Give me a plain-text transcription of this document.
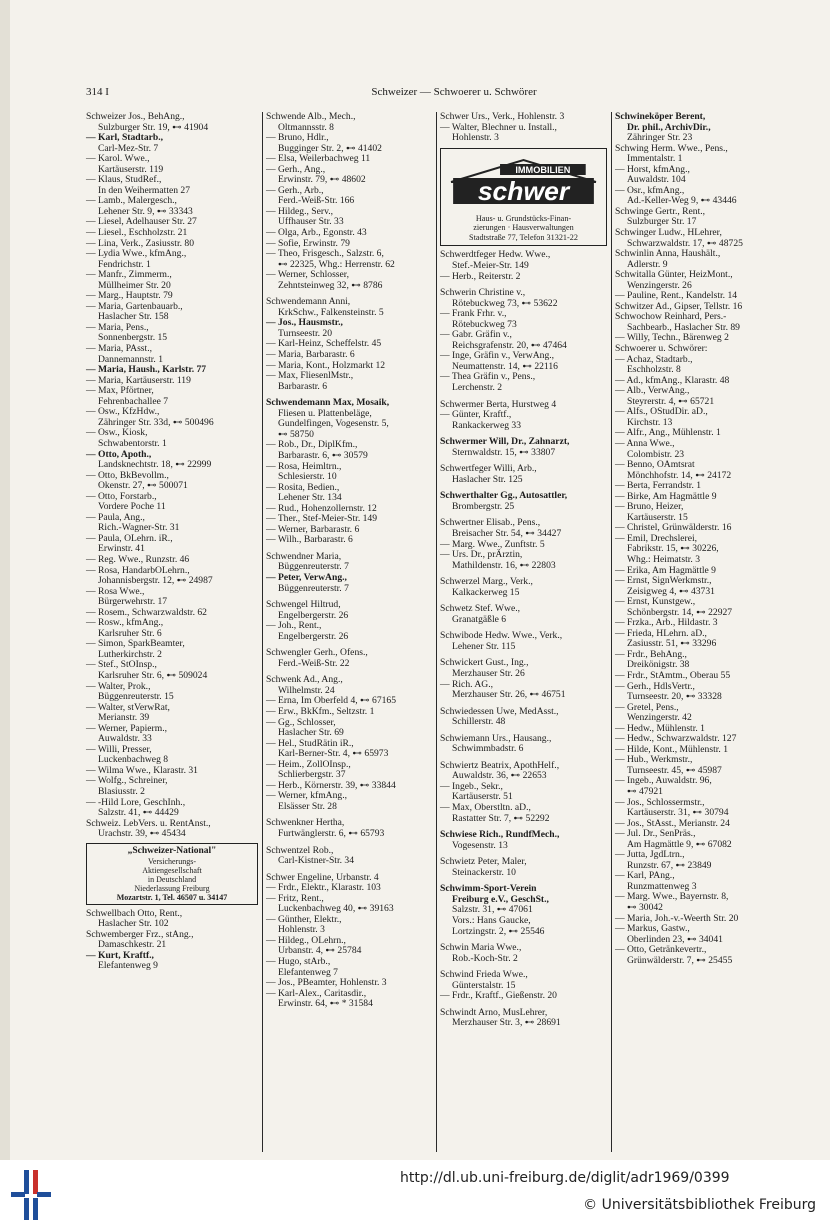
314 I	Schweizer — Schwoerer u. Schwörer
Schweizer Jos., BehAng.,
Sulzburger Str. 19, ⊷ 41904
— Karl, Stadtarb.,
Carl-Mez-Str. 7
— Karol. Wwe.,
Kartäuserstr. 119
— Klaus, StudRef.,
In den Weihermatten 27
— Lamb., Malergesch.,
Lehener Str. 9, ⊷ 33343
— Liesel, Adelhauser Str. 27
— Liesel., Eschholzstr. 21
— Lina, Verk., Zasiusstr. 80
— Lydia Wwe., kfmAng.,
Fendrichstr. 1
— Manfr., Zimmerm.,
Müllheimer Str. 20
— Marg., Hauptstr. 79
— Maria, Gartenbauarb.,
Haslacher Str. 158
— Maria, Pens.,
Sonnenbergstr. 15
— Maria, PAsst.,
Dannemannstr. 1
— Maria, Haush., Karlstr. 77
— Maria, Kartäuserstr. 119
— Max, Pförtner,
Fehrenbachallee 7
— Osw., KfzHdw.,
Zähringer Str. 33d, ⊷ 500496
— Osw., Kiosk,
Schwabentorstr. 1
— Otto, Apoth.,
Landsknechtstr. 18, ⊷ 22999
— Otto, BkBevollm.,
Okenstr. 27, ⊷ 500071
— Otto, Forstarb.,
Vordere Poche 11
— Paula, Ang.,
Rich.-Wagner-Str. 31
— Paula, OLehrn. iR.,
Erwinstr. 41
— Reg. Wwe., Runzstr. 46
— Rosa, HandarbOLehrn.,
Johannisbergstr. 12, ⊷ 24987
— Rosa Wwe.,
Bürgerwehrstr. 17
— Rosem., Schwarzwaldstr. 62
— Rosw., kfmAng.,
Karlsruher Str. 6
— Simon, SparkBeamter,
Lutherkirchstr. 2
— Stef., StOInsp.,
Karlsruher Str. 6, ⊷ 509024
— Walter, Prok.,
Büggenreuterstr. 15
— Walter, stVerwRat,
Merianstr. 39
— Werner, Papierm.,
Auwaldstr. 33
— Willi, Presser,
Luckenbachweg 8
— Wilma Wwe., Klarastr. 31
— Wolfg., Schreiner,
Blasiusstr. 2
— -Hild Lore, GeschInh.,
Salzstr. 41, ⊷ 44429
Schweiz. LebVers. u. RentAnst.,
Urachstr. 39, ⊷ 45434
„Schweizer-National"
Versicherungs-
Aktiengesellschaft
in Deutschland
Niederlassung Freiburg
Mozartstr. 1, Tel. 46507 u. 34147
Schwellbach Otto, Rent.,
Haslacher Str. 102
Schwemberger Frz., stAng.,
Damaschkestr. 21
— Kurt, Kraftf.,
Elefantenweg 9
Schwende Alb., Mech.,
Oltmannsstr. 8
— Bruno, Hdlr.,
Bugginger Str. 2, ⊷ 41402
— Elsa, Weilerbachweg 11
— Gerh., Ang.,
Erwinstr. 79, ⊷ 48602
— Gerh., Arb.,
Ferd.-Weiß-Str. 166
— Hildeg., Serv.,
Uffhauser Str. 33
— Olga, Arb., Egonstr. 43
— Sofie, Erwinstr. 79
— Theo, Frisgesch., Salzstr. 6,
⊷ 22325, Whg.: Herrenstr. 62
— Werner, Schlosser,
Zehntsteinweg 32, ⊷ 8786
Schwendemann Anni,
KrkSchw., Falkensteinstr. 5
— Jos., Hausmstr.,
Turnseestr. 20
— Karl-Heinz, Scheffelstr. 45
— Maria, Barbarastr. 6
— Maria, Kont., Holzmarkt 12
— Max, FliesenlMstr.,
Barbarastr. 6
Schwendemann Max, Mosaik,
Fliesen u. Plattenbeläge,
Gundelfingen, Vogesenstr. 5,
⊷ 58750
— Rob., Dr., DiplKfm.,
Barbarastr. 6, ⊷ 30579
— Rosa, Heimltrn.,
Schlesierstr. 10
— Rosita, Bedien.,
Lehener Str. 134
— Rud., Hohenzollernstr. 12
— Ther., Stef-Meier-Str. 149
— Werner, Barbarastr. 6
— Wilh., Barbarastr. 6
Schwendner Maria,
Büggenreuterstr. 7
— Peter, VerwAng.,
Büggenreuterstr. 7
Schwengel Hiltrud,
Engelbergerstr. 26
— Joh., Rent.,
Engelbergerstr. 26
Schwengler Gerh., Ofens.,
Ferd.-Weiß-Str. 22
Schwenk Ad., Ang.,
Wilhelmstr. 24
— Erna, Im Oberfeld 4, ⊷ 67165
— Erw., BkKfm., Seltzstr. 1
— Gg., Schlosser,
Haslacher Str. 69
— Hel., StudRätin iR.,
Karl-Berner-Str. 4, ⊷ 65973
— Heim., ZollOInsp.,
Schlierbergstr. 37
— Herb., Körnerstr. 39, ⊷ 33844
— Werner, kfmAng.,
Elsässer Str. 28
Schwenkner Hertha,
Furtwänglerstr. 6, ⊷ 65793
Schwentzel Rob.,
Carl-Kistner-Str. 34
Schwer Engeline, Urbanstr. 4
— Frdr., Elektr., Klarastr. 103
— Fritz, Rent.,
Luckenbachweg 40, ⊷ 39163
— Günther, Elektr.,
Hohlenstr. 3
— Hildeg., OLehrn.,
Urbanstr. 4, ⊷ 25784
— Hugo, stArb.,
Elefantenweg 7
— Jos., PBeamter, Hohlenstr. 3
— Karl-Alex., Caritasdir.,
Erwinstr. 64, ⊷ * 31584
Schwer Urs., Verk., Hohlenstr. 3
— Walter, Blechner u. Install.,
Hohlenstr. 3
IMMOBILIEN
schwer
Haus- u. Grundstücks-Finan-
zierungen · Hausverwaltungen
Stadtstraße 77, Telefon 31321-22
Schwerdtfeger Hedw. Wwe.,
Stef.-Meier-Str. 149
— Herb., Reiterstr. 2
Schwerin Christine v.,
Rötebuckweg 73, ⊷ 53622
— Frank Frhr. v.,
Rötebuckweg 73
— Gabr. Gräfin v.,
Reichsgrafenstr. 20, ⊷ 47464
— Inge, Gräfin v., VerwAng.,
Neumattenstr. 14, ⊷ 22116
— Thea Gräfin v., Pens.,
Lerchenstr. 2
Schwermer Berta, Hurstweg 4
— Günter, Kraftf.,
Rankackerweg 33
Schwermer Will, Dr., Zahnarzt,
Sternwaldstr. 15, ⊷ 33807
Schwertfeger Willi, Arb.,
Haslacher Str. 125
Schwerthalter Gg., Autosattler,
Brombergstr. 25
Schwertner Elisab., Pens.,
Breisacher Str. 54, ⊷ 34427
— Marg. Wwe., Zunftstr. 5
— Urs. Dr., prÄrztin,
Mathildenstr. 16, ⊷ 22803
Schwerzel Marg., Verk.,
Kalkackerweg 15
Schwetz Stef. Wwe.,
Granatgäßle 6
Schwibode Hedw. Wwe., Verk.,
Lehener Str. 115
Schwickert Gust., Ing.,
Merzhauser Str. 26
— Rich. AG.,
Merzhauser Str. 26, ⊷ 46751
Schwiedessen Uwe, MedAsst.,
Schillerstr. 48
Schwiemann Urs., Hausang.,
Schwimmbadstr. 6
Schwiertz Beatrix, ApothHelf.,
Auwaldstr. 36, ⊷ 22653
— Ingeb., Sekr.,
Kartäuserstr. 51
— Max, Oberstltn. aD.,
Rastatter Str. 7, ⊷ 52292
Schwiese Rich., RundfMech.,
Vogesenstr. 13
Schwietz Peter, Maler,
Steinackerstr. 10
Schwimm-Sport-Verein
Freiburg e.V., GeschSt.,
Salzstr. 31, ⊷ 47061
Vors.: Hans Gaucke,
Lortzingstr. 2, ⊷ 25546
Schwin Maria Wwe.,
Rob.-Koch-Str. 2
Schwind Frieda Wwe.,
Günterstalstr. 15
— Frdr., Kraftf., Gießenstr. 20
Schwindt Arno, MusLehrer,
Merzhauser Str. 3, ⊷ 28691
Schwineköper Berent,
Dr. phil., ArchivDir.,
Zähringer Str. 23
Schwing Herm. Wwe., Pens.,
Immentalstr. 1
— Horst, kfmAng.,
Auwaldstr. 104
— Osr., kfmAng.,
Ad.-Keller-Weg 9, ⊷ 43446
Schwinge Gertr., Rent.,
Sulzburger Str. 17
Schwinger Ludw., HLehrer,
Schwarzwaldstr. 17, ⊷ 48725
Schwinlin Anna, Haushält.,
Adlerstr. 9
Schwitalla Günter, HeizMont.,
Wenzingerstr. 26
— Pauline, Rent., Kandelstr. 14
Schwitzer Ad., Gipser, Tellstr. 16
Schwochow Reinhard, Pers.-
Sachbearb., Haslacher Str. 89
— Willy, Techn., Bärenweg 2
Schwoerer u. Schwörer:
— Achaz, Stadtarb.,
Eschholzstr. 8
— Ad., kfmAng., Klarastr. 48
— Alb., VerwAng.,
Steyrerstr. 4, ⊷ 65721
— Alfs., OStudDir. aD.,
Kirchstr. 13
— Alfr., Ang., Mühlenstr. 1
— Anna Wwe.,
Colombistr. 23
— Benno, OAmtsrat
Mönchhofstr. 14, ⊷ 24172
— Berta, Ferrandstr. 1
— Birke, Am Hagmättle 9
— Bruno, Heizer,
Kartäuserstr. 15
— Christel, Grünwälderstr. 16
— Emil, Drechslerei,
Fabrikstr. 15, ⊷ 30226,
Whg.: Heimatstr. 3
— Erika, Am Hagmättle 9
— Ernst, SignWerkmstr.,
Zeisigweg 4, ⊷ 43731
— Ernst, Kunstgew.,
Schönbergstr. 14, ⊷ 22927
— Frzka., Arb., Hildastr. 3
— Frieda, HLehrn. aD.,
Zasiusstr. 51, ⊷ 33296
— Frdr., BehAng.,
Dreikönigstr. 38
— Frdr., StAmtm., Oberau 55
— Gerh., HdlsVertr.,
Turnseestr. 20, ⊷ 33328
— Gretel, Pens.,
Wenzingerstr. 42
— Hedw., Mühlenstr. 1
— Hedw., Schwarzwaldstr. 127
— Hilde, Kont., Mühlenstr. 1
— Hub., Werkmstr.,
Turnseestr. 45, ⊷ 45987
— Ingeb., Auwaldstr. 96,
⊷ 47921
— Jos., Schlossermstr.,
Kartäuserstr. 31, ⊷ 30794
— Jos., StAsst., Merianstr. 24
— Jul. Dr., SenPräs.,
Am Hagmättle 9, ⊷ 67082
— Jutta, JgdLtrn.,
Runzstr. 67, ⊷ 23849
— Karl, PAng.,
Runzmattenweg 3
— Marg. Wwe., Bayernstr. 8,
⊷ 30042
— Maria, Joh.-v.-Weerth Str. 20
— Markus, Gastw.,
Oberlinden 23, ⊷ 34041
— Otto, Getränkevertr.,
Grünwälderstr. 7, ⊷ 25455
http://dl.ub.uni-freiburg.de/diglit/adr1969/0399
© Universitätsbibliothek Freiburg
